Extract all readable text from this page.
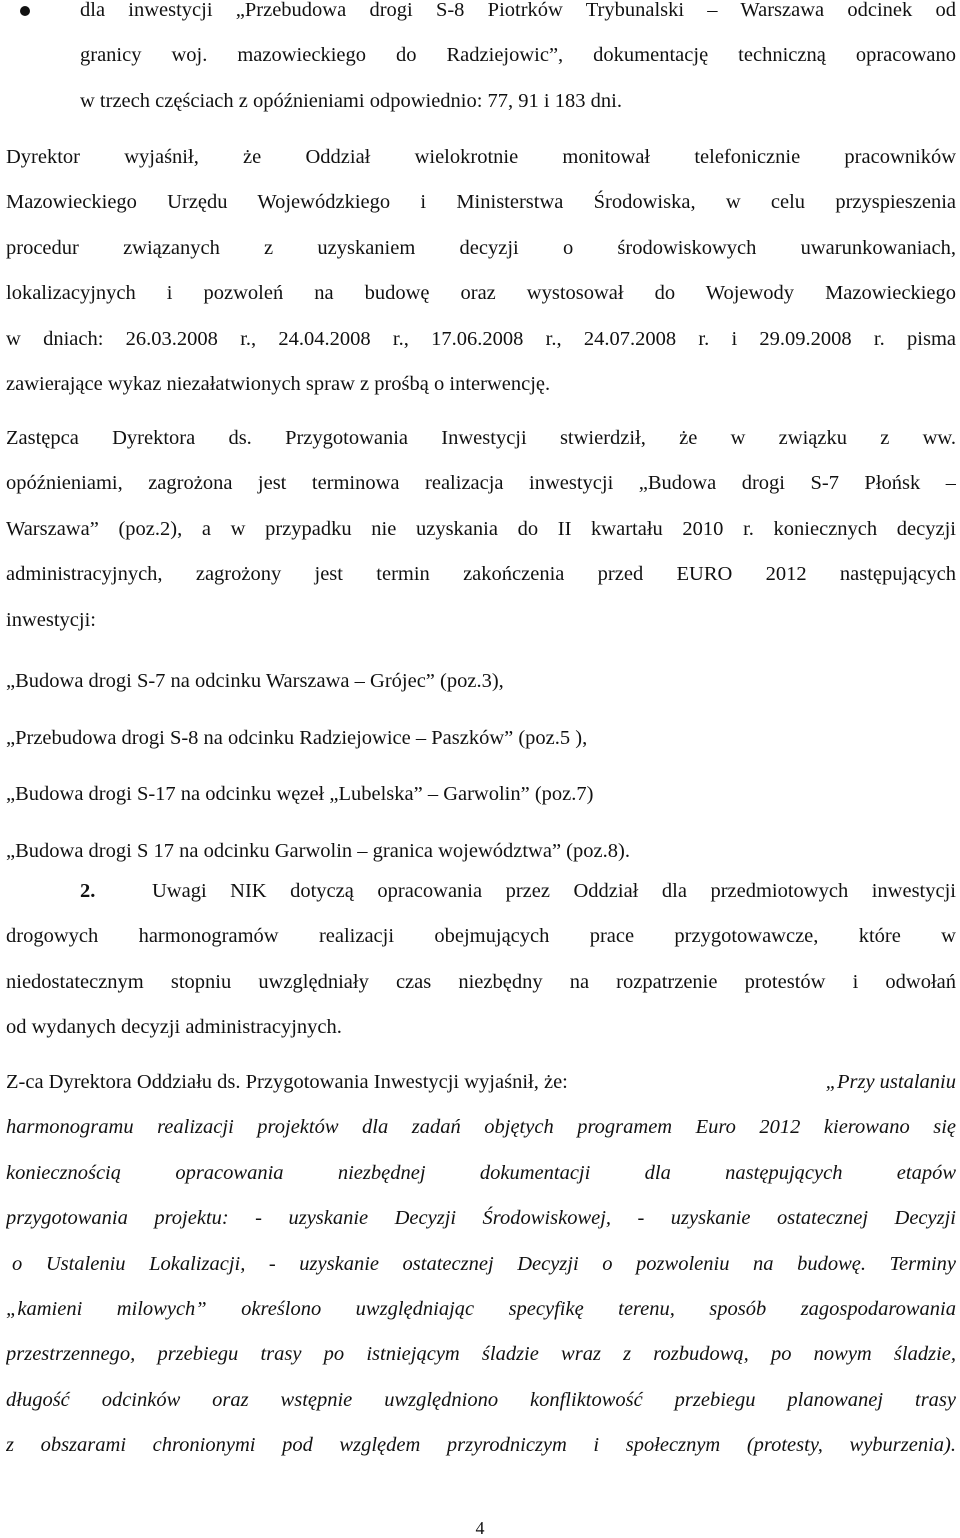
dla inwestycji „Przebudowa drogi S-8 Piotrków Trybunalski – Warszawa odcinek od
granicy woj. mazowieckiego do Radziejowic”, dokumentację techniczną opracowano
w trzech częściach z opóźnieniami odpowiednio: 77, 91 i 183 dni.
Dyrektor wyjaśnił, że Oddział wielokrotnie monitował telefonicznie pracowników
Mazowieckiego Urzędu Wojewódzkiego i Ministerstwa Środowiska, w celu przyspieszenia
procedur związanych z uzyskaniem decyzji o środowiskowych uwarunkowaniach,
lokalizacyjnych i pozwoleń na budowę oraz wystosował do Wojewody Mazowieckiego
w dniach: 26.03.2008 r., 24.04.2008 r., 17.06.2008 r., 24.07.2008 r. i 29.09.2008 r. pisma
zawierające wykaz niezałatwionych spraw z prośbą o interwencję.
Zastępca Dyrektora ds. Przygotowania Inwestycji stwierdził, że w związku z ww.
opóźnieniami, zagrożona jest terminowa realizacja inwestycji „Budowa drogi S-7 Płońsk –
Warszawa” (poz.2), a w przypadku nie uzyskania do II kwartału 2010 r. koniecznych decyzji
administracyjnych, zagrożony jest termin zakończenia przed EURO 2012 następujących
inwestycji:
„Budowa drogi S-7 na odcinku Warszawa – Grójec” (poz.3),
„Przebudowa drogi S-8 na odcinku Radziejowice – Paszków” (poz.5 ),
„Budowa drogi S-17 na odcinku węzeł „Lubelska” – Garwolin” (poz.7)
„Budowa drogi S 17 na odcinku Garwolin – granica województwa” (poz.8).
2.	Uwagi NIK dotyczą opracowania przez Oddział dla przedmiotowych inwestycji
drogowych harmonogramów realizacji obejmujących prace przygotowawcze, które w
niedostatecznym stopniu uwzględniały czas niezbędny na rozpatrzenie protestów i odwołań
od wydanych decyzji administracyjnych.
Z-ca Dyrektora Oddziału ds. Przygotowania Inwestycji wyjaśnił, że:	„Przy ustalaniu
harmonogramu realizacji projektów dla zadań objętych programem Euro 2012 kierowano się
koniecznością opracowania niezbędnej dokumentacji dla następujących etapów
przygotowania projektu: - uzyskanie Decyzji Środowiskowej, - uzyskanie ostatecznej Decyzji
o Ustaleniu Lokalizacji, - uzyskanie ostatecznej Decyzji o pozwoleniu na budowę. Terminy
„kamieni milowych” określono uwzględniając specyfikę terenu, sposób zagospodarowania
przestrzennego, przebiegu trasy po istniejącym śladzie wraz z rozbudową, po nowym śladzie,
długość odcinków oraz wstępnie uwzględniono konfliktowość przebiegu planowanej trasy
z obszarami chronionymi pod względem przyrodniczym i społecznym (protesty, wyburzenia).
4
